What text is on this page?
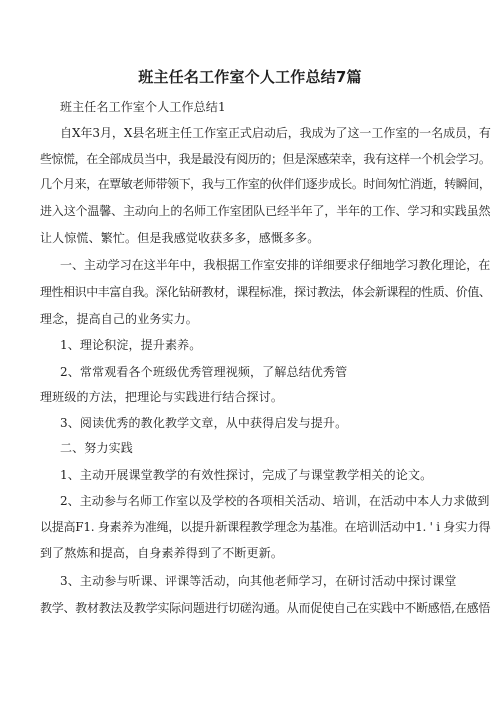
班主任名工作室个人工作总结7篇
班主任名工作室个人工作总结1
自X年3月，X县名班主任工作室正式启动后，我成为了这一工作室的一名成员，有
些惊慌，在全部成员当中，我是最没有阅历的；但是深感荣幸，我有这样一个机会学习。
几个月来，在覃敏老师带领下，我与工作室的伙伴们逐步成长。时间匆忙消逝，转瞬间，
进入这个温馨、主动向上的名师工作室团队已经半年了，半年的工作、学习和实践虽然
让人惊慌、繁忙。但是我感觉收获多多，感慨多多。
一、主动学习在这半年中，我根据工作室安排的详细要求仔细地学习教化理论，在
理性相识中丰富自我。深化钻研教材，课程标准，探讨教法，体会新课程的性质、价值、
理念，提高自己的业务实力。
1、理论积淀，提升素养。
2、常常观看各个班级优秀管理视频，了解总结优秀管
理班级的方法，把理论与实践进行结合探讨。
3、阅读优秀的教化教学文章，从中获得启发与提升。
二、努力实践
1、主动开展课堂教学的有效性探讨，完成了与课堂教学相关的论文。
2、主动参与名师工作室以及学校的各项相关活动、培训，在活动中本人力求做到
以提高F1. 身素养为准绳，以提升新课程教学理念为基准。在培训活动中1. ' i 身实力得
到了熬炼和提高，自身素养得到了不断更新。
3、主动参与听课、评课等活动，向其他老师学习，在研讨活动中探讨课堂
教学、教材教法及教学实际问题进行切磋沟通。从而促使自己在实践中不断感悟,在感悟
